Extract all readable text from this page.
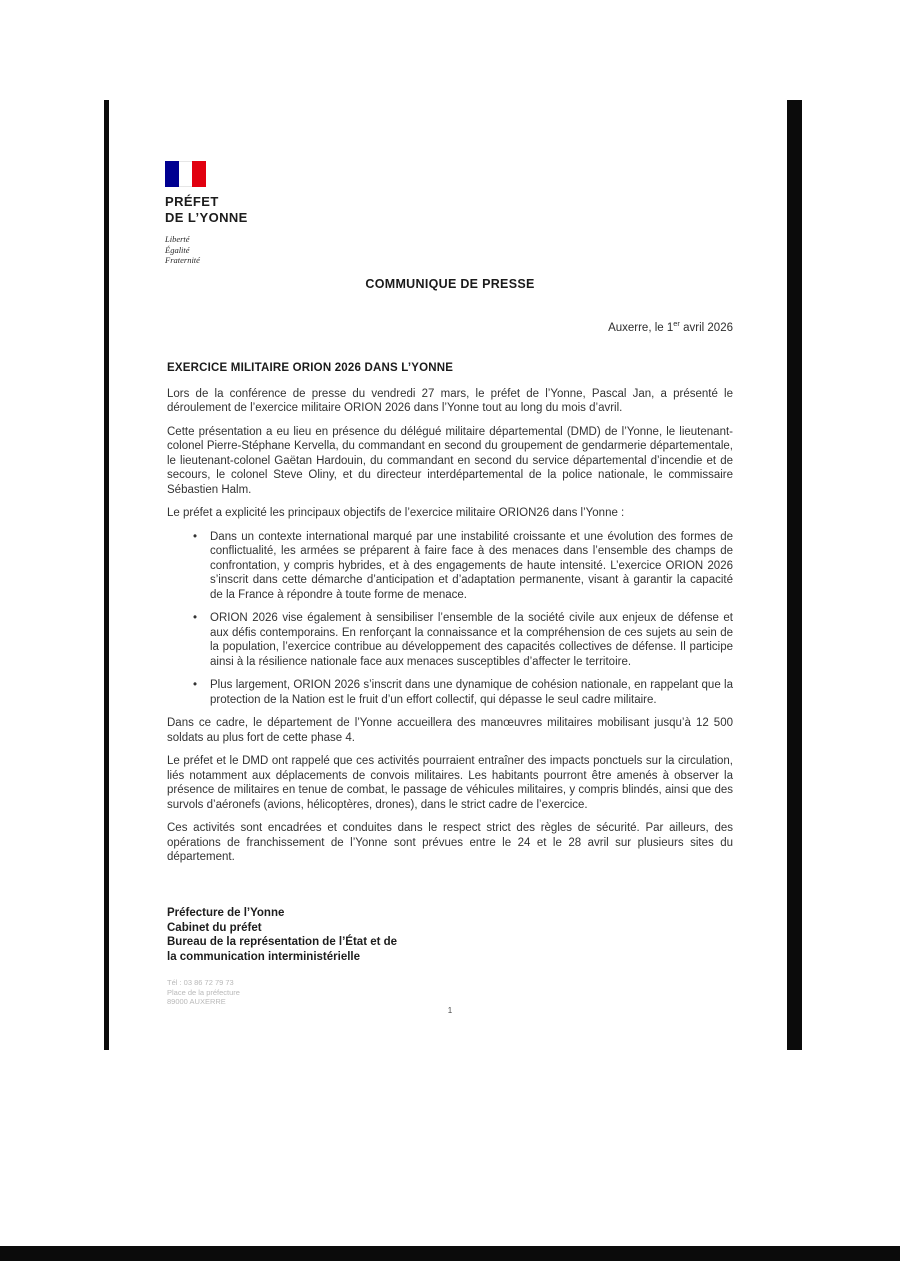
PRÉFET
DE L’YONNE
Liberté
Égalité
Fraternité
COMMUNIQUE DE PRESSE
Auxerre, le 1er avril 2026
EXERCICE MILITAIRE ORION 2026 DANS L’YONNE

Lors de la conférence de presse du vendredi 27 mars, le préfet de l’Yonne, Pascal Jan, a présenté le déroulement de l’exercice militaire ORION 2026 dans l’Yonne tout au long du mois d’avril.

Cette présentation a eu lieu en présence du délégué militaire départemental (DMD) de l’Yonne, le lieutenant-colonel Pierre-Stéphane Kervella, du commandant en second du groupement de gendarmerie départementale, le lieutenant-colonel Gaëtan Hardouin, du commandant en second du service départemental d’incendie et de secours, le colonel Steve Oliny, et du directeur interdépartemental de la police nationale, le commissaire Sébastien Halm.

Le préfet a explicité les principaux objectifs de l’exercice militaire ORION26 dans l’Yonne :

•	Dans un contexte international marqué par une instabilité croissante et une évolution des formes de conflictualité, les armées se préparent à faire face à des menaces dans l’ensemble des champs de confrontation, y compris hybrides, et à des engagements de haute intensité. L’exercice ORION 2026 s’inscrit dans cette démarche d’anticipation et d’adaptation permanente, visant à garantir la capacité de la France à répondre à toute forme de menace.

•	ORION 2026 vise également à sensibiliser l’ensemble de la société civile aux enjeux de défense et aux défis contemporains. En renforçant la connaissance et la compréhension de ces sujets au sein de la population, l’exercice contribue au développement des capacités collectives de défense. Il participe ainsi à la résilience nationale face aux menaces susceptibles d’affecter le territoire.

•	Plus largement, ORION 2026 s’inscrit dans une dynamique de cohésion nationale, en rappelant que la protection de la Nation est le fruit d’un effort collectif, qui dépasse le seul cadre militaire.

Dans ce cadre, le département de l’Yonne accueillera des manœuvres militaires mobilisant jusqu’à 12 500 soldats au plus fort de cette phase 4.

Le préfet et le DMD ont rappelé que ces activités pourraient entraîner des impacts ponctuels sur la circulation, liés notamment aux déplacements de convois militaires. Les habitants pourront être amenés à observer la présence de militaires en tenue de combat, le passage de véhicules militaires, y compris blindés, ainsi que des survols d’aéronefs (avions, hélicoptères, drones), dans le strict cadre de l’exercice.

Ces activités sont encadrées et conduites dans le respect strict des règles de sécurité. Par ailleurs, des opérations de franchissement de l’Yonne sont prévues entre le 24 et le 28 avril sur plusieurs sites du département.

Préfecture de l’Yonne
Cabinet du préfet
Bureau de la représentation de l’État et de
la communication interministérielle
Tél : 03 86 72 79 73
Place de la préfecture
89000 AUXERRE
1
